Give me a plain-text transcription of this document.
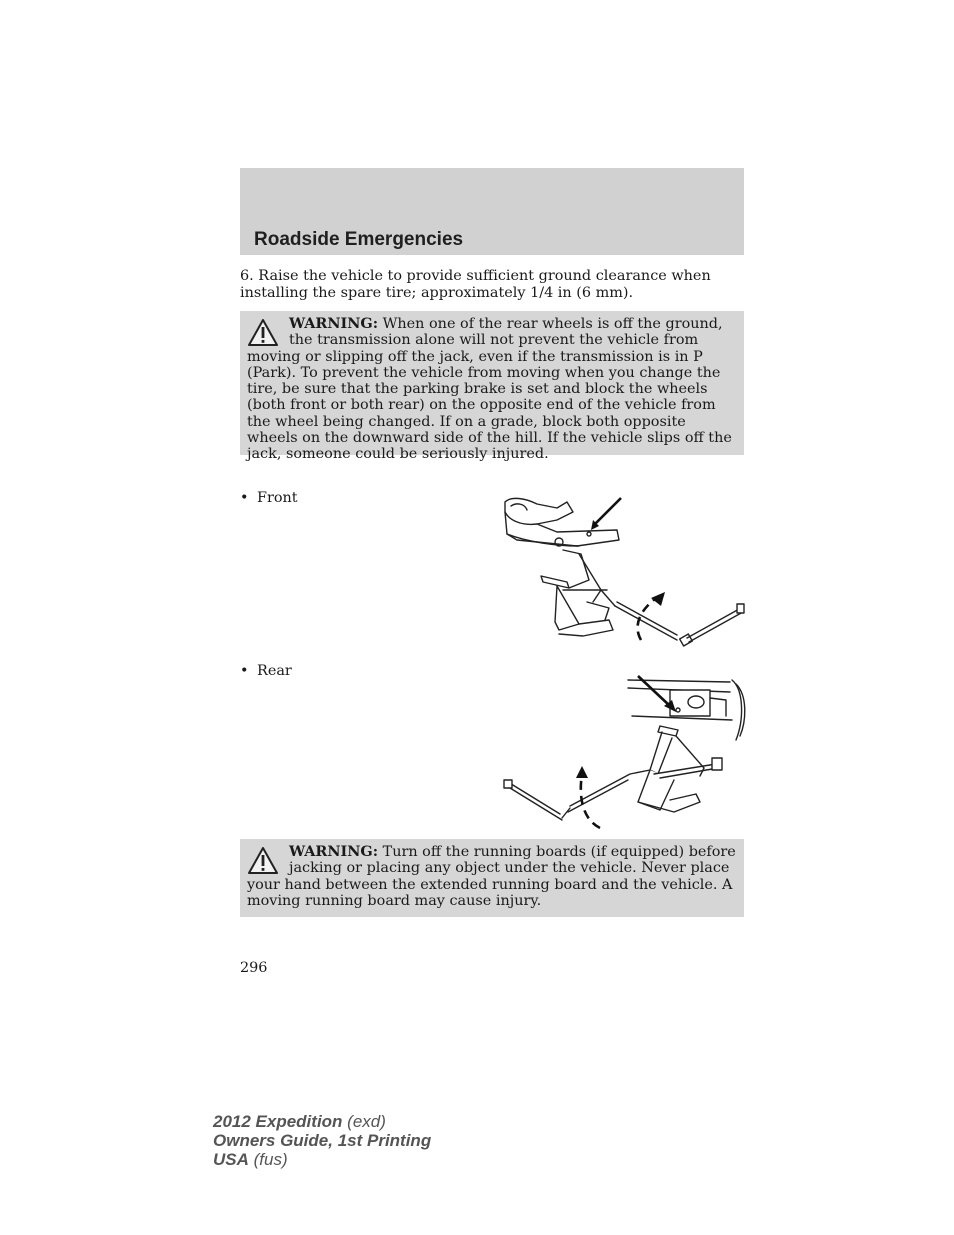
Roadside Emergencies
6. Raise the vehicle to provide sufficient ground clearance when installing the spare tire; approximately 1/4 in (6 mm).
WARNING: When one of the rear wheels is off the ground, the transmission alone will not prevent the vehicle from moving or slipping off the jack, even if the transmission is in P (Park). To prevent the vehicle from moving when you change the tire, be sure that the parking brake is set and block the wheels (both front or both rear) on the opposite end of the vehicle from the wheel being changed. If on a grade, block both opposite wheels on the downward side of the hill. If the vehicle slips off the jack, someone could be seriously injured.
• Front
• Rear
WARNING: Turn off the running boards (if equipped) before jacking or placing any object under the vehicle. Never place your hand between the extended running board and the vehicle. A moving running board may cause injury.
296
2012 Expedition (exd)
Owners Guide, 1st Printing
USA (fus)
